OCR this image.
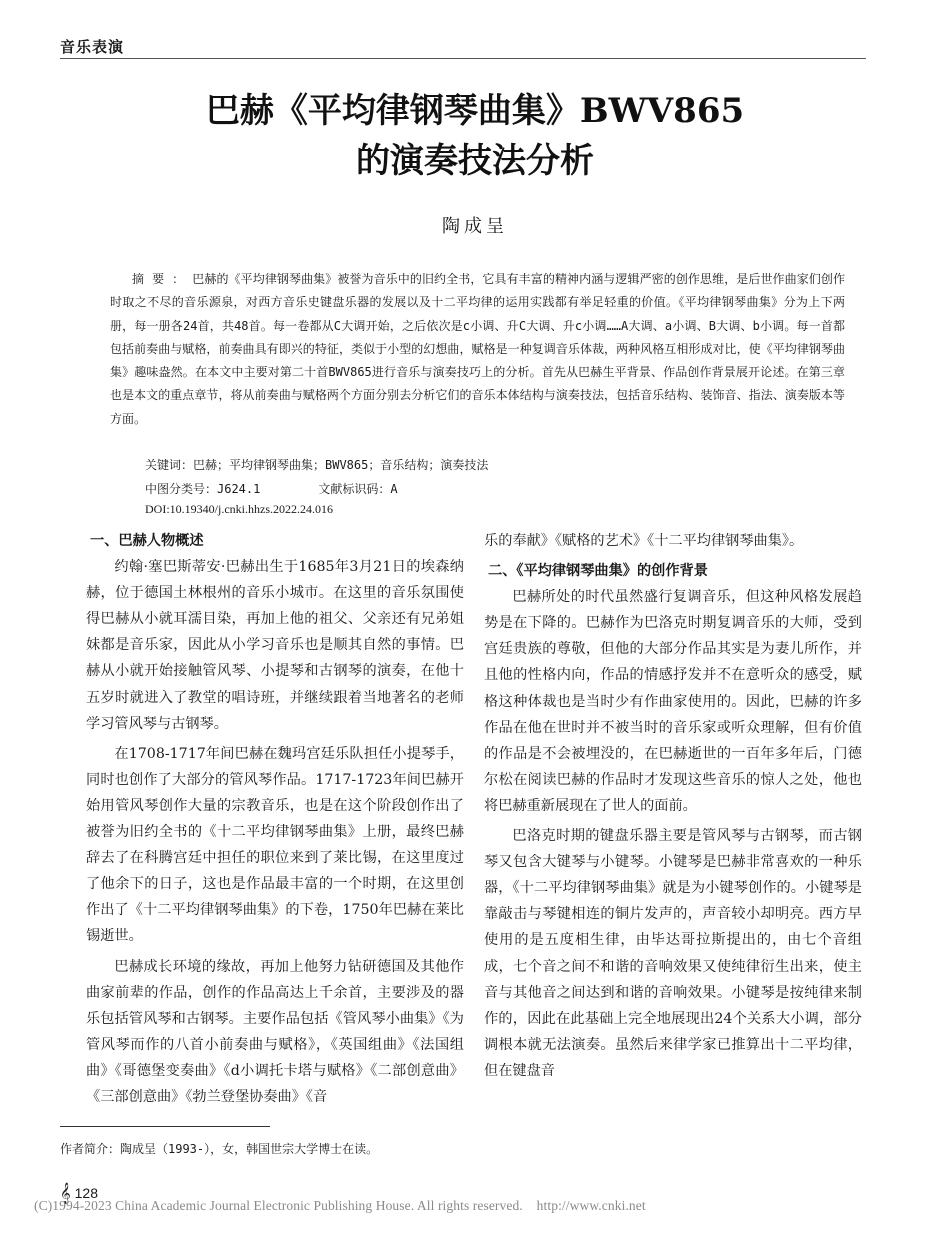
音乐表演
巴赫《平均律钢琴曲集》BWV865
的演奏技法分析
陶成呈
摘要：巴赫的《平均律钢琴曲集》被誉为音乐中的旧约全书，它具有丰富的精神内涵与逻辑严密的创作思维，是后世作曲家们创作时取之不尽的音乐源泉，对西方音乐史键盘乐器的发展以及十二平均律的运用实践都有举足轻重的价值。《平均律钢琴曲集》分为上下两册，每一册各24首，共48首。每一卷都从C大调开始，之后依次是c小调、升C大调、升c小调……A大调、a小调、B大调、b小调。每一首都包括前奏曲与赋格，前奏曲具有即兴的特征，类似于小型的幻想曲，赋格是一种复调音乐体裁，两种风格互相形成对比，使《平均律钢琴曲集》趣味盎然。在本文中主要对第二十首BWV865进行音乐与演奏技巧上的分析。首先从巴赫生平背景、作品创作背景展开论述。在第三章也是本文的重点章节，将从前奏曲与赋格两个方面分别去分析它们的音乐本体结构与演奏技法，包括音乐结构、装饰音、指法、演奏版本等方面。
关键词：巴赫；平均律钢琴曲集；BWV865；音乐结构；演奏技法
中图分类号：J624.1	文献标识码：A
DOI:10.19340/j.cnki.hhzs.2022.24.016
一、巴赫人物概述

约翰·塞巴斯蒂安·巴赫出生于1685年3月21日的埃森纳赫，位于德国土林根州的音乐小城市。在这里的音乐氛围使得巴赫从小就耳濡目染，再加上他的祖父、父亲还有兄弟姐妹都是音乐家，因此从小学习音乐也是顺其自然的事情。巴赫从小就开始接触管风琴、小提琴和古钢琴的演奏，在他十五岁时就进入了教堂的唱诗班，并继续跟着当地著名的老师学习管风琴与古钢琴。

在1708-1717年间巴赫在魏玛宫廷乐队担任小提琴手，同时也创作了大部分的管风琴作品。1717-1723年间巴赫开始用管风琴创作大量的宗教音乐，也是在这个阶段创作出了被誉为旧约全书的《十二平均律钢琴曲集》上册，最终巴赫辞去了在科腾宫廷中担任的职位来到了莱比锡，在这里度过了他余下的日子，这也是作品最丰富的一个时期，在这里创作出了《十二平均律钢琴曲集》的下卷，1750年巴赫在莱比锡逝世。

巴赫成长环境的缘故，再加上他努力钻研德国及其他作曲家前辈的作品，创作的作品高达上千余首，主要涉及的器乐包括管风琴和古钢琴。主要作品包括《管风琴小曲集》《为管风琴而作的八首小前奏曲与赋格》，《英国组曲》《法国组曲》《哥德堡变奏曲》《d小调托卡塔与赋格》《二部创意曲》《三部创意曲》《勃兰登堡协奏曲》《音

乐的奉献》《赋格的艺术》《十二平均律钢琴曲集》。

二、《平均律钢琴曲集》的创作背景

巴赫所处的时代虽然盛行复调音乐，但这种风格发展趋势是在下降的。巴赫作为巴洛克时期复调音乐的大师，受到宫廷贵族的尊敬，但他的大部分作品其实是为妻儿所作，并且他的性格内向，作品的情感抒发并不在意听众的感受，赋格这种体裁也是当时少有作曲家使用的。因此，巴赫的许多作品在他在世时并不被当时的音乐家或听众理解，但有价值的作品是不会被埋没的，在巴赫逝世的一百年多年后，门德尔松在阅读巴赫的作品时才发现这些音乐的惊人之处，他也将巴赫重新展现在了世人的面前。

巴洛克时期的键盘乐器主要是管风琴与古钢琴，而古钢琴又包含大键琴与小键琴。小键琴是巴赫非常喜欢的一种乐器，《十二平均律钢琴曲集》就是为小键琴创作的。小键琴是靠敲击与琴键相连的铜片发声的，声音较小却明亮。西方早使用的是五度相生律，由毕达哥拉斯提出的，由七个音组成，七个音之间不和谐的音响效果又使纯律衍生出来，使主音与其他音之间达到和谐的音响效果。小键琴是按纯律来制作的，因此在此基础上完全地展现出24个关系大小调，部分调根本就无法演奏。虽然后来律学家已推算出十二平均律，但在键盘音

作者简介：陶成呈（1993-），女，韩国世宗大学博士在读。
𝄞 128
(C)1994-2023 China Academic Journal Electronic Publishing House. All rights reserved.    http://www.cnki.net
